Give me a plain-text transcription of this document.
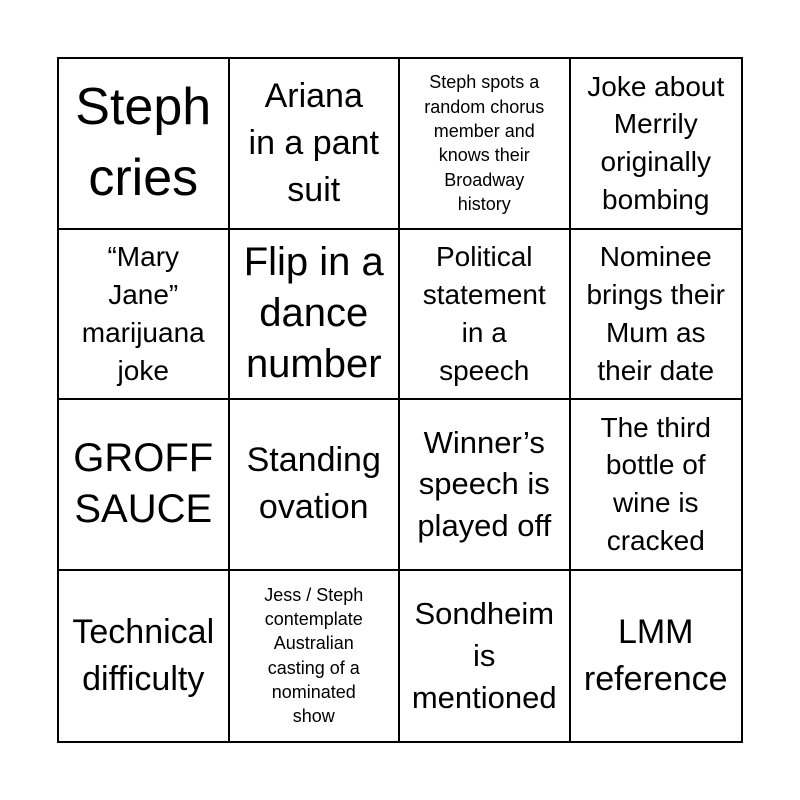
Steph
cries
Ariana
in a pant
suit
Steph spots a
random chorus
member and
knows their
Broadway
history
Joke about
Merrily
originally
bombing
“Mary
Jane”
marijuana
joke
Flip in a
dance
number
Political
statement
in a
speech
Nominee
brings their
Mum as
their date
GROFF
SAUCE
Standing
ovation
Winner’s
speech is
played off
The third
bottle of
wine is
cracked
Technical
difficulty
Jess / Steph
contemplate
Australian
casting of a
nominated
show
Sondheim
is
mentioned
LMM
reference
